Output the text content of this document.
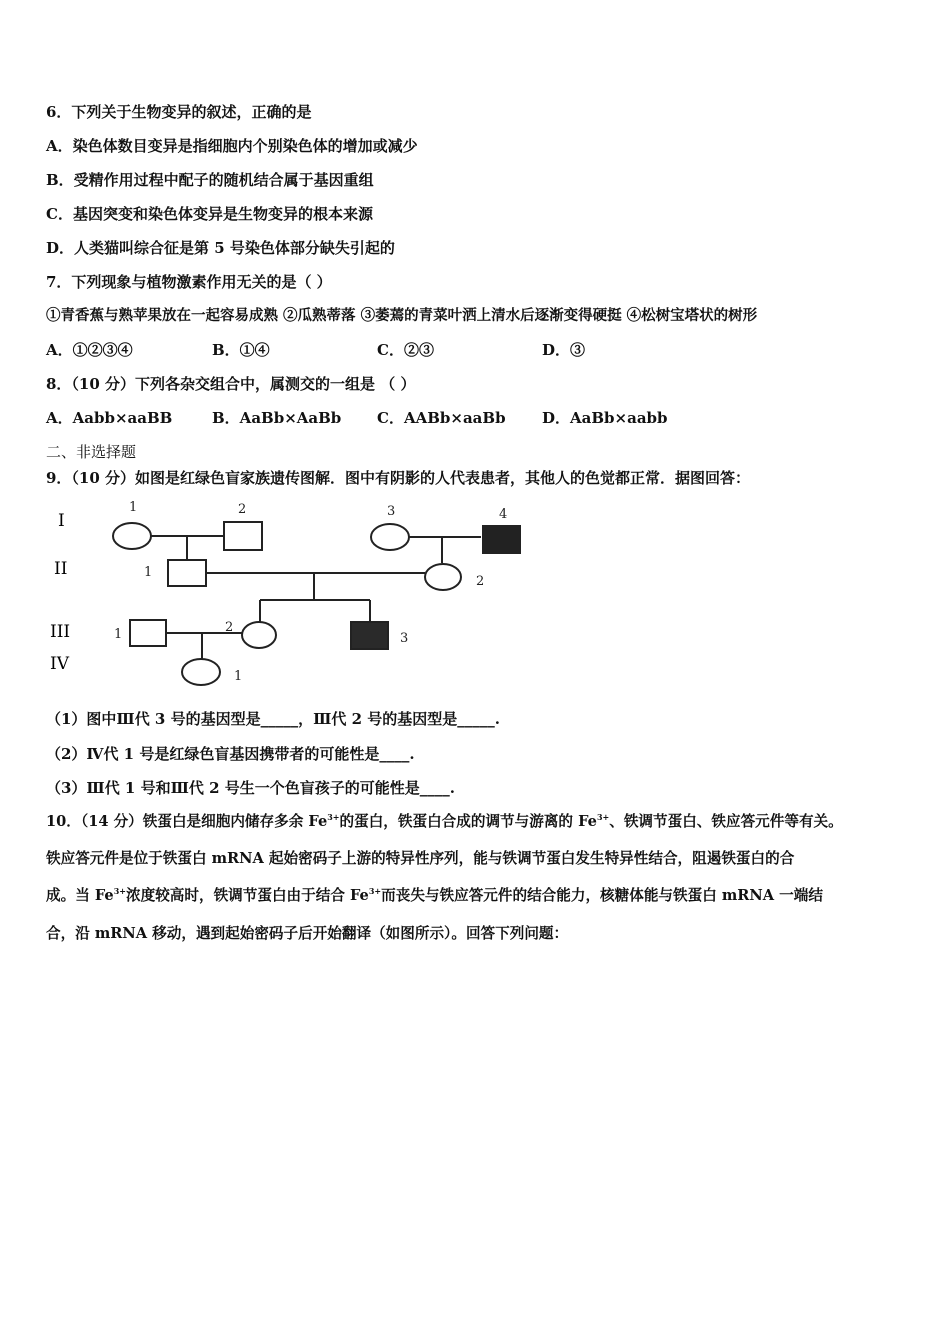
6．下列关于生物变异的叙述，正确的是
A．染色体数目变异是指细胞内个别染色体的增加或减少
B．受精作用过程中配子的随机结合属于基因重组
C．基因突变和染色体变异是生物变异的根本来源
D．人类猫叫综合征是第 5 号染色体部分缺失引起的
7．下列现象与植物激素作用无关的是（ ）
①青香蕉与熟苹果放在一起容易成熟 ②瓜熟蒂落 ③萎蔫的青菜叶洒上清水后逐渐变得硬挺 ④松树宝塔状的树形
A．①②③④	B．①④	C．②③	D．③
8．（10 分）下列各杂交组合中，属测交的一组是 （ ）
A．Aabb×aaBB	B．AaBb×AaBb C．AABb×aaBb D．AaBb×aabb
二、非选择题
9．（10 分）如图是红绿色盲家族遗传图解．图中有阴影的人代表患者，其他人的色觉都正常．据图回答：
I
II
III
IV
1	2	3	4
1
2
1	2
3
1
（1）图中Ⅲ代 3 号的基因型是_____，Ⅲ代 2 号的基因型是_____.
（2）Ⅳ代 1 号是红绿色盲基因携带者的可能性是____.
（3）Ⅲ代 1 号和Ⅲ代 2 号生一个色盲孩子的可能性是____.
10．（14 分）铁蛋白是细胞内储存多余 $Fe^{3+}$的蛋白，铁蛋白合成的调节与游离的 $Fe^{3+}$、铁调节蛋白、铁应答元件等有关。
铁应答元件是位于铁蛋白 mRNA 起始密码子上游的特异性序列，能与铁调节蛋白发生特异性结合，阻遏铁蛋白的合
成。当 $Fe^{3+}$浓度较高时，铁调节蛋白由于结合 $Fe^{3+}$而丧失与铁应答元件的结合能力，核糖体能与铁蛋白 mRNA 一端结
合，沿 mRNA 移动，遇到起始密码子后开始翻译（如图所示）。回答下列问题：
